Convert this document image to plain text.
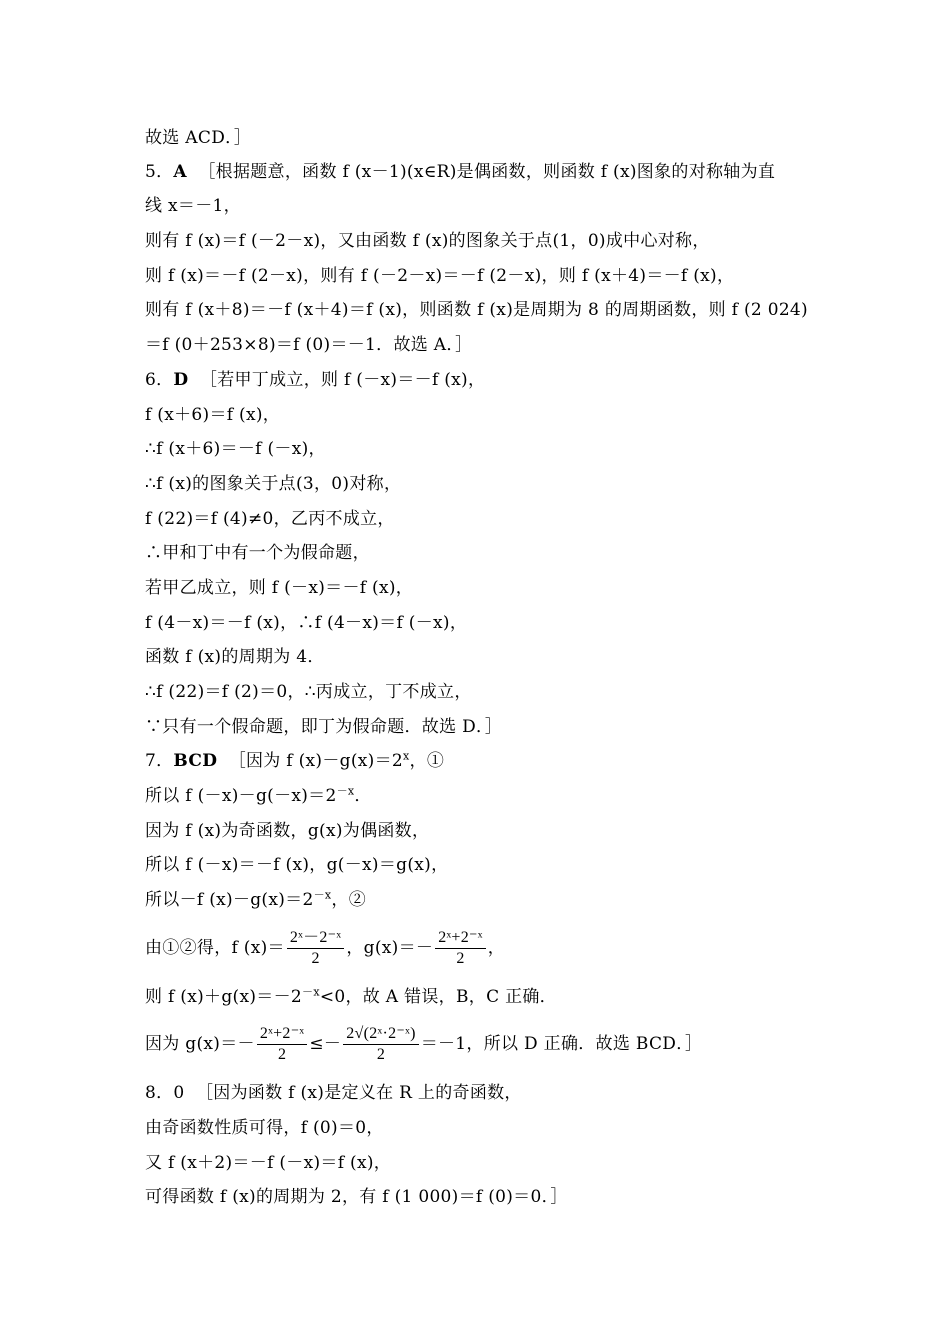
故选 ACD．］
5．A ［根据题意，函数 f (x－1)(x∈R)是偶函数，则函数 f (x)图象的对称轴为直
线 x＝－1，
则有 f (x)＝f (－2－x)，又由函数 f (x)的图象关于点(1，0)成中心对称，
则 f (x)＝－f (2－x)，则有 f (－2－x)＝－f (2－x)，则 f (x＋4)＝－f (x)，
则有 f (x＋8)＝－f (x＋4)＝f (x)，则函数 f (x)是周期为 8 的周期函数，则 f (2 024)
＝f (0＋253×8)＝f (0)＝－1．故选 A．］
6．D ［若甲丁成立，则 f (－x)＝－f (x)，
f (x＋6)＝f (x)，
∴f (x＋6)＝－f (－x)，
∴f (x)的图象关于点(3，0)对称，
f (22)＝f (4)≠0，乙丙不成立，
∴甲和丁中有一个为假命题，
若甲乙成立，则 f (－x)＝－f (x)，
f (4－x)＝－f (x)，∴f (4－x)＝f (－x)，
函数 f (x)的周期为 4．
∴f (22)＝f (2)＝0，∴丙成立，丁不成立，
∵只有一个假命题，即丁为假命题．故选 D．］
7．BCD ［因为 f $(x)-g(x)=2^x$，①
所以 f $(-x)-g(-x)=2^{-x}$．
因为 f (x)为奇函数，g(x)为偶函数，
所以 f (－x)＝－f (x)，g(－x)＝g(x)，
所以－f $(x)-g(x)=2^{-x}$，②
由①②得，f $(x)= \frac{\text{2ˣ－2⁻ˣ}}{2}$ ，$g(x)=- \frac{\text{2ˣ+2⁻ˣ}}{2}$ ，
则 f $(x)+g(x)=-2^{-x}<0$，故 A 错误，B，C 正确．
因为 $g(x)=- \frac{\text{2ˣ+2⁻ˣ}}{2} \le- \frac{\text{2√(2ˣ·2⁻ˣ)}}{2} =-1$，所以 D 正确．故选 BCD．］
8．0 ［因为函数 f (x)是定义在 R 上的奇函数，
由奇函数性质可得，f (0)＝0，
又 f (x＋2)＝－f (－x)＝f (x)，
可得函数 f (x)的周期为 2，有 f (1 000)＝f (0)＝0．］
